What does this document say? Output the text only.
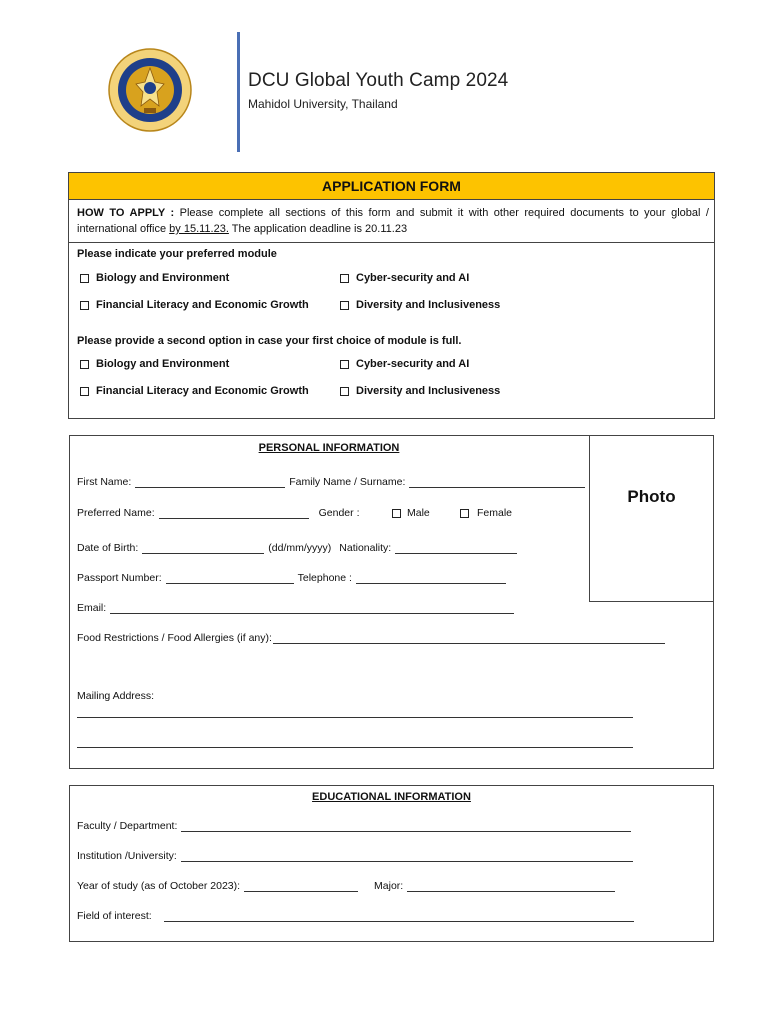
DCU Global Youth Camp 2024
Mahidol University, Thailand
APPLICATION FORM
HOW TO APPLY : Please complete all sections of this form and submit it with other required documents to your global / international office by 15.11.23. The application deadline is 20.11.23
Please indicate your preferred module
Biology and Environment	Cyber-security and AI
Financial Literacy and Economic Growth	Diversity and Inclusiveness
Please provide a second option in case your first choice of module is full.
Biology and Environment	Cyber-security and AI
Financial Literacy and Economic Growth	Diversity and Inclusiveness
Photo
PERSONAL INFORMATION
First Name:	Family Name / Surname:
Preferred Name:	Gender :	Male	Female
Date of Birth:	(dd/mm/yyyy) Nationality:
Passport Number:	Telephone :
Email:
Food Restrictions / Food Allergies (if any):
Mailing Address:
EDUCATIONAL INFORMATION
Faculty / Department:
Institution /University:
Year of study (as of October 2023):	Major:
Field of interest:
